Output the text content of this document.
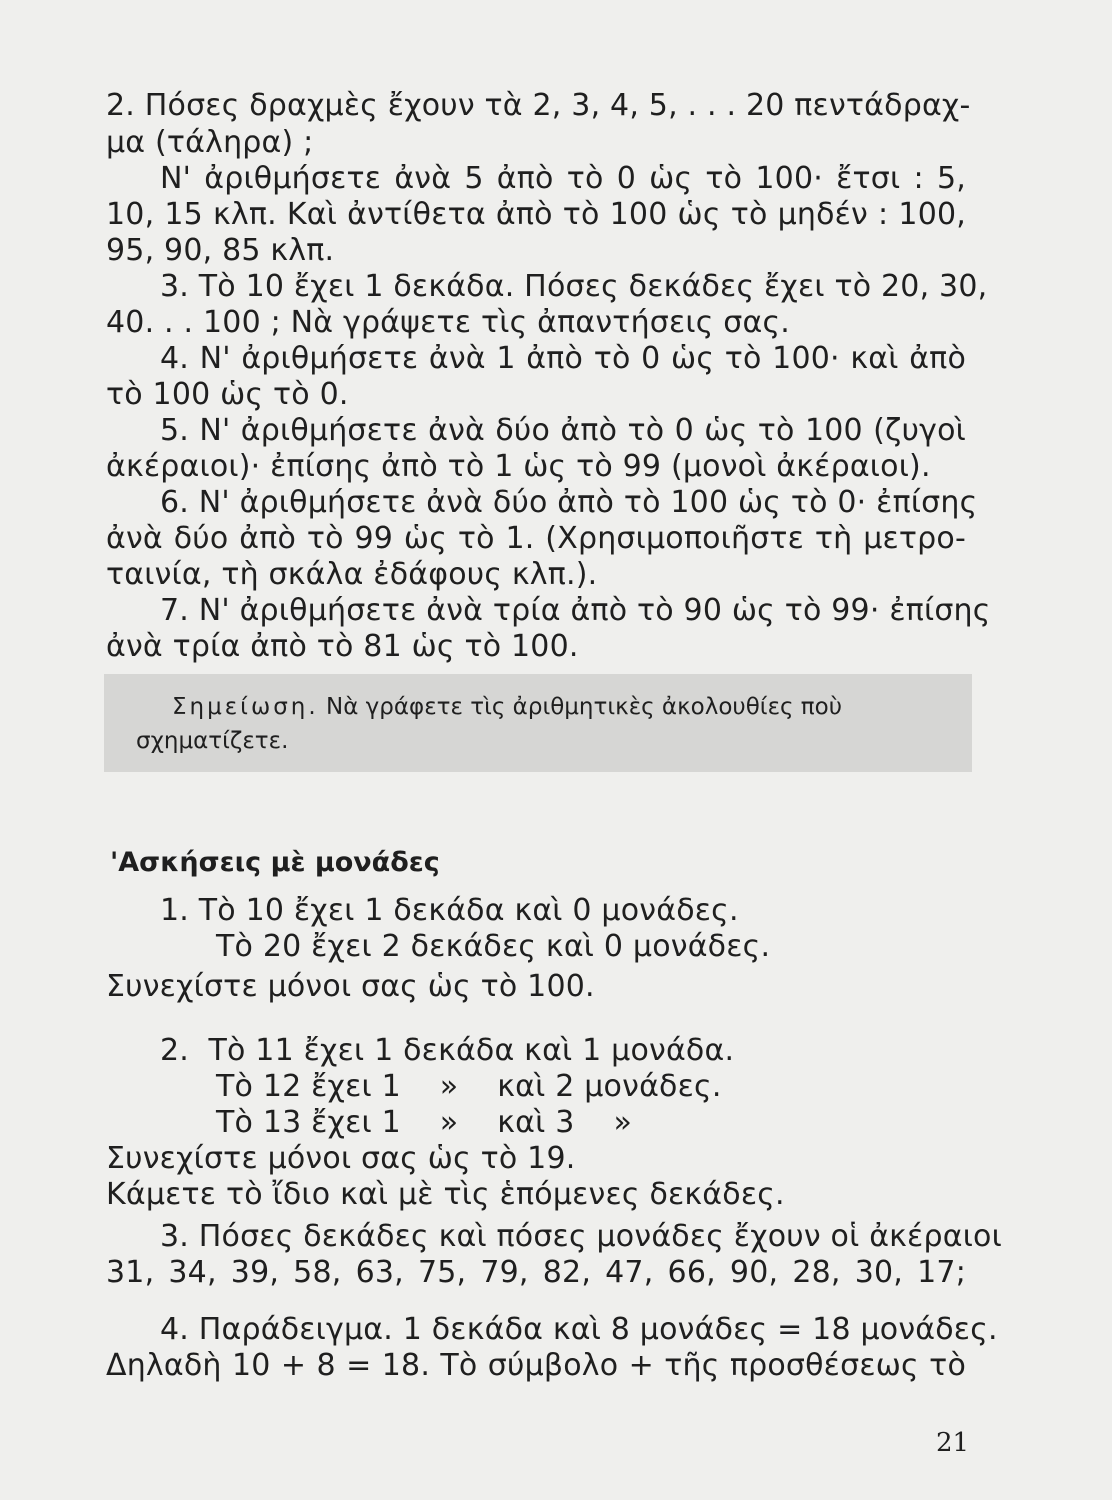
2. Πόσες δραχμὲς ἔχουν τὰ 2, 3, 4, 5, . . . 20 πεντάδραχ-
μα (τάληρα) ;
Ν' ἀριθμήσετε ἀνὰ 5 ἀπὸ τὸ 0 ὡς τὸ 100· ἔτσι : 5,
10, 15 κλπ. Καὶ ἀντίθετα ἀπὸ τὸ 100 ὡς τὸ μηδέν : 100,
95, 90, 85 κλπ.
3. Τὸ 10 ἔχει 1 δεκάδα. Πόσες δεκάδες ἔχει τὸ 20, 30,
40. . . 100 ; Νὰ γράψετε τὶς ἀπαντήσεις σας.
4. Ν' ἀριθμήσετε ἀνὰ 1 ἀπὸ τὸ 0 ὡς τὸ 100· καὶ ἀπὸ
τὸ 100 ὡς τὸ 0.
5. Ν' ἀριθμήσετε ἀνὰ δύο ἀπὸ τὸ 0 ὡς τὸ 100 (ζυγοὶ
ἀκέραιοι)· ἐπίσης ἀπὸ τὸ 1 ὡς τὸ 99 (μονοὶ ἀκέραιοι).
6. Ν' ἀριθμήσετε ἀνὰ δύο ἀπὸ τὸ 100 ὡς τὸ 0· ἐπίσης
ἀνὰ δύο ἀπὸ τὸ 99 ὡς τὸ 1. (Χρησιμοποιῆστε τὴ μετρο-
ταινία, τὴ σκάλα ἐδάφους κλπ.).
7. Ν' ἀριθμήσετε ἀνὰ τρία ἀπὸ τὸ 90 ὡς τὸ 99· ἐπίσης
ἀνὰ τρία ἀπὸ τὸ 81 ὡς τὸ 100.
Σημείωση. Νὰ γράφετε τὶς ἀριθμητικὲς ἀκολουθίες ποὺ
σχηματίζετε.
'Ασκήσεις μὲ μονάδες
1. Τὸ 10 ἔχει 1 δεκάδα καὶ 0 μονάδες.
Τὸ 20 ἔχει 2 δεκάδες καὶ 0 μονάδες.
Συνεχίστε μόνοι σας ὡς τὸ 100.
2.  Τὸ 11 ἔχει 1 δεκάδα καὶ 1 μονάδα.
Τὸ 12 ἔχει 1    »    καὶ 2 μονάδες.
Τὸ 13 ἔχει 1    »    καὶ 3    »
Συνεχίστε μόνοι σας ὡς τὸ 19.
Κάμετε τὸ ἴδιο καὶ μὲ τὶς ἑπόμενες δεκάδες.
3. Πόσες δεκάδες καὶ πόσες μονάδες ἔχουν οἱ ἀκέραιοι
31, 34, 39, 58, 63, 75, 79, 82, 47, 66, 90, 28, 30, 17;
4. Παράδειγμα. 1 δεκάδα καὶ 8 μονάδες = 18 μονάδες.
Δηλαδὴ 10 + 8 = 18. Τὸ σύμβολο + τῆς προσθέσεως τὸ
21
